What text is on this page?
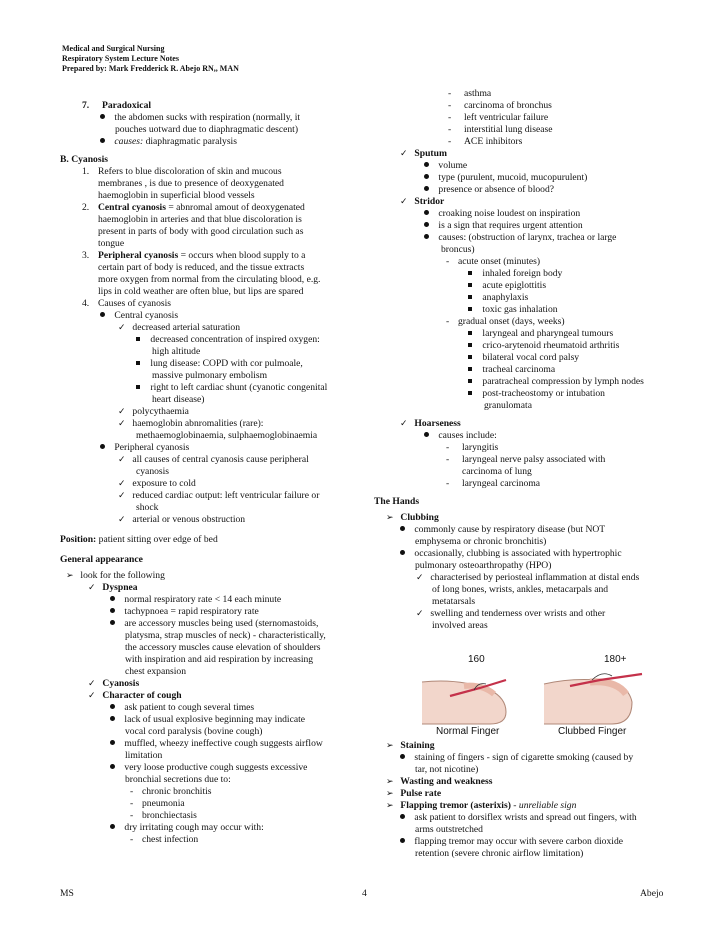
Medical and Surgical Nursing
Respiratory System Lecture Notes
Prepared by: Mark Fredderick R. Abejo RN,, MAN
7. Paradoxical
the abdomen sucks with respiration (normally, it
pouches uotward due to diaphragmatic descent)
causes: diaphragmatic paralysis
B. Cyanosis
1. Refers to blue discoloration of skin and mucous
membranes , is due to presence of deoxygenated
haemoglobin in superficial blood vessels
2. Central cyanosis = abnromal amout of deoxygenated
haemoglobin in arteries and that blue discoloration is
present in parts of body with good circulation such as
tongue
3. Peripheral cyanosis = occurs when blood supply to a
certain part of body is reduced, and the tissue extracts
more oxygen from normal from the circulating blood, e.g.
lips in cold weather are often blue, but lips are spared
4. Causes of cyanosis
Central cyanosis
✓ decreased arterial saturation
decreased concentration of inspired oxygen:
high altitude
lung disease: COPD with cor pulmoale,
massive pulmonary embolism
right to left cardiac shunt (cyanotic congenital
heart disease)
✓ polycythaemia
✓ haemoglobin abnromalities (rare):
methaemoglobinaemia, sulphaemoglobinaemia
Peripheral cyanosis
✓ all causes of central cyanosis cause peripheral
cyanosis
✓ exposure to cold
✓ reduced cardiac output: left ventricular failure or
shock
✓ arterial or venous obstruction
Position: patient sitting over edge of bed
General appearance
➢ look for the following
✓ Dyspnea
normal respiratory rate < 14 each minute
tachypnoea = rapid respiratory rate
are accessory muscles being used (sternomastoids,
platysma, strap muscles of neck) - characteristically,
the accessory muscles cause elevation of shoulders
with inspiration and aid respiration by increasing
chest expansion
✓ Cyanosis
✓ Character of cough
ask patient to cough several times
lack of usual explosive beginning may indicate
vocal cord paralysis (bovine cough)
muffled, wheezy ineffective cough suggests airflow
limitation
very loose productive cough suggests excessive
bronchial secretions due to:
- chronic bronchitis
- pneumonia
- bronchiectasis
dry irritating cough may occur with:
- chest infection
- asthma
- carcinoma of bronchus
- left ventricular failure
- interstitial lung disease
- ACE inhibitors
✓ Sputum
volume
type (purulent, mucoid, mucopurulent)
presence or absence of blood?
✓ Stridor
croaking noise loudest on inspiration
is a sign that requires urgent attention
causes: (obstruction of larynx, trachea or large
broncus)
- acute onset (minutes)
inhaled foreign body
acute epiglottitis
anaphylaxis
toxic gas inhalation
- gradual onset (days, weeks)
laryngeal and pharyngeal tumours
crico-arytenoid rheumatoid arthritis
bilateral vocal cord palsy
tracheal carcinoma
paratracheal compression by lymph nodes
post-tracheostomy or intubation
granulomata
✓ Hoarseness
causes include:
- laryngitis
- laryngeal nerve palsy associated with
carcinoma of lung
- laryngeal carcinoma
The Hands
➢ Clubbing
commonly cause by respiratory disease (but NOT
emphysema or chronic bronchitis)
occasionally, clubbing is associated with hypertrophic
pulmonary osteoarthropathy (HPO)
✓ characterised by periosteal inflammation at distal ends
of long bones, wrists, ankles, metacarpals and
metatarsals
✓ swelling and tenderness over wrists and other
involved areas
160	180+
Normal Finger	Clubbed Finger
➢ Staining
staining of fingers - sign of cigarette smoking (caused by
tar, not nicotine)
➢ Wasting and weakness
➢ Pulse rate
➢ Flapping tremor (asterixis) - unreliable sign
ask patient to dorsiflex wrists and spread out fingers, with
arms outstretched
flapping tremor may occur with severe carbon dioxide
retention (severe chronic airflow limitation)
MS	4	Abejo
